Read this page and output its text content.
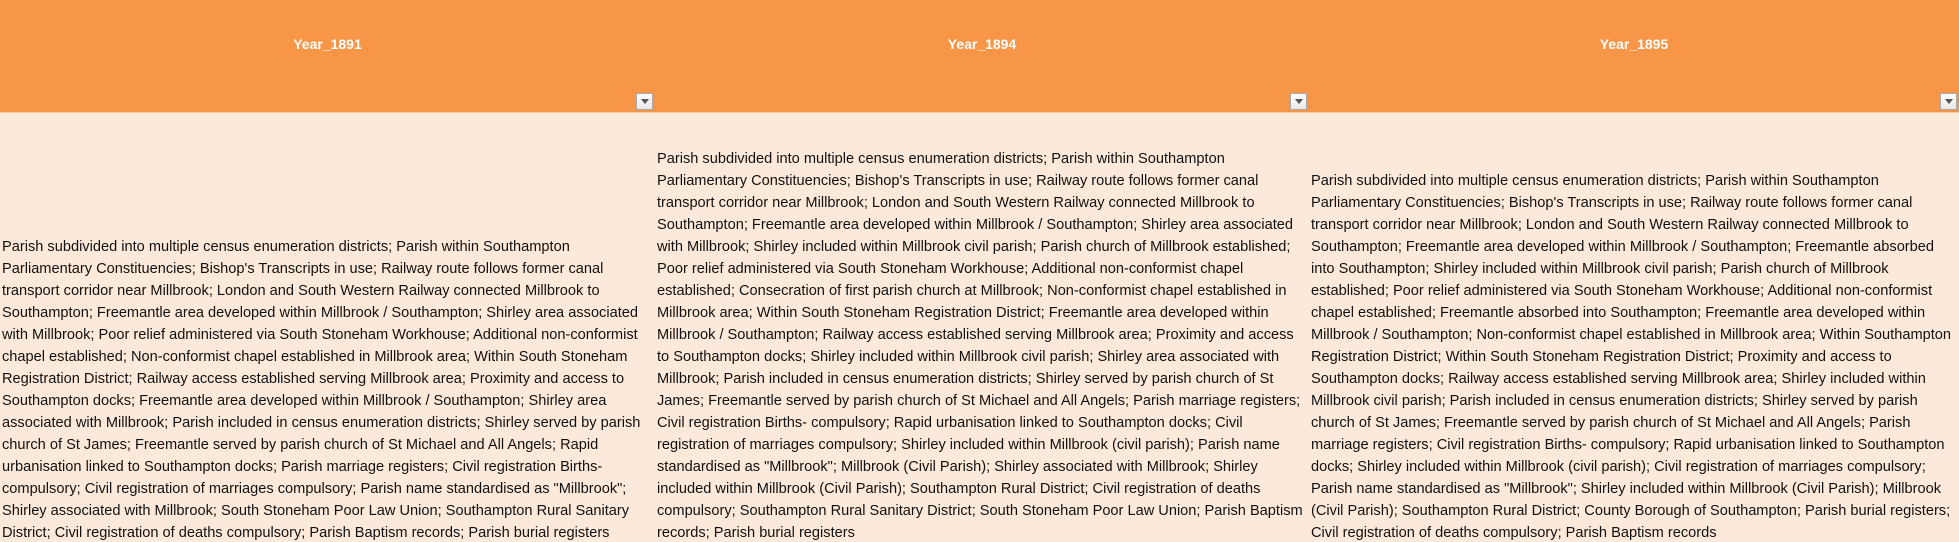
Year_1891	Year_1894	Year_1895
Parish subdivided into multiple census enumeration districts; Parish within Southampton Parliamentary Constituencies; Bishop's Transcripts in use; Railway route follows former canal transport corridor near Millbrook; London and South Western Railway connected Millbrook to Southampton; Freemantle area developed within Millbrook / Southampton; Shirley area associated with Millbrook; Poor relief administered via South Stoneham Workhouse; Additional non-conformist chapel established; Non-conformist chapel established in Millbrook area; Within South Stoneham Registration District; Railway access established serving Millbrook area; Proximity and access to Southampton docks; Freemantle area developed within Millbrook / Southampton; Shirley area associated with Millbrook; Parish included in census enumeration districts; Shirley served by parish church of St James; Freemantle served by parish church of St Michael and All Angels; Rapid urbanisation linked to Southampton docks; Parish marriage registers; Civil registration Births- compulsory; Civil registration of marriages compulsory; Parish name standardised as "Millbrook"; Shirley associated with Millbrook; South Stoneham Poor Law Union; Southampton Rural Sanitary District; Civil registration of deaths compulsory; Parish Baptism records; Parish burial registers
Parish subdivided into multiple census enumeration districts; Parish within Southampton Parliamentary Constituencies; Bishop's Transcripts in use; Railway route follows former canal transport corridor near Millbrook; London and South Western Railway connected Millbrook to Southampton; Freemantle area developed within Millbrook / Southampton; Shirley area associated with Millbrook; Shirley included within Millbrook civil parish; Parish church of Millbrook established; Poor relief administered via South Stoneham Workhouse; Additional non-conformist chapel established; Consecration of first parish church at Millbrook; Non-conformist chapel established in Millbrook area; Within South Stoneham Registration District; Freemantle area developed within Millbrook / Southampton; Railway access established serving Millbrook area; Proximity and access to Southampton docks; Shirley included within Millbrook civil parish; Shirley area associated with Millbrook; Parish included in census enumeration districts; Shirley served by parish church of St James; Freemantle served by parish church of St Michael and All Angels; Parish marriage registers; Civil registration Births- compulsory; Rapid urbanisation linked to Southampton docks; Civil registration of marriages compulsory; Shirley included within Millbrook (civil parish); Parish name standardised as "Millbrook"; Millbrook (Civil Parish); Shirley associated with Millbrook; Shirley included within Millbrook (Civil Parish); Southampton Rural District; Civil registration of deaths compulsory; Southampton Rural Sanitary District; South Stoneham Poor Law Union; Parish Baptism records; Parish burial registers
Parish subdivided into multiple census enumeration districts; Parish within Southampton Parliamentary Constituencies; Bishop's Transcripts in use; Railway route follows former canal transport corridor near Millbrook; London and South Western Railway connected Millbrook to Southampton; Freemantle area developed within Millbrook / Southampton; Freemantle absorbed into Southampton; Shirley included within Millbrook civil parish; Parish church of Millbrook established; Poor relief administered via South Stoneham Workhouse; Additional non-conformist chapel established; Freemantle absorbed into Southampton; Freemantle area developed within Millbrook / Southampton; Non-conformist chapel established in Millbrook area; Within Southampton Registration District; Within South Stoneham Registration District; Proximity and access to Southampton docks; Railway access established serving Millbrook area; Shirley included within Millbrook civil parish; Parish included in census enumeration districts; Shirley served by parish church of St James; Freemantle served by parish church of St Michael and All Angels; Parish marriage registers; Civil registration Births- compulsory; Rapid urbanisation linked to Southampton docks; Shirley included within Millbrook (civil parish); Civil registration of marriages compulsory; Parish name standardised as "Millbrook"; Shirley included within Millbrook (Civil Parish); Millbrook (Civil Parish); Southampton Rural District; County Borough of Southampton; Parish burial registers; Civil registration of deaths compulsory; Parish Baptism records
